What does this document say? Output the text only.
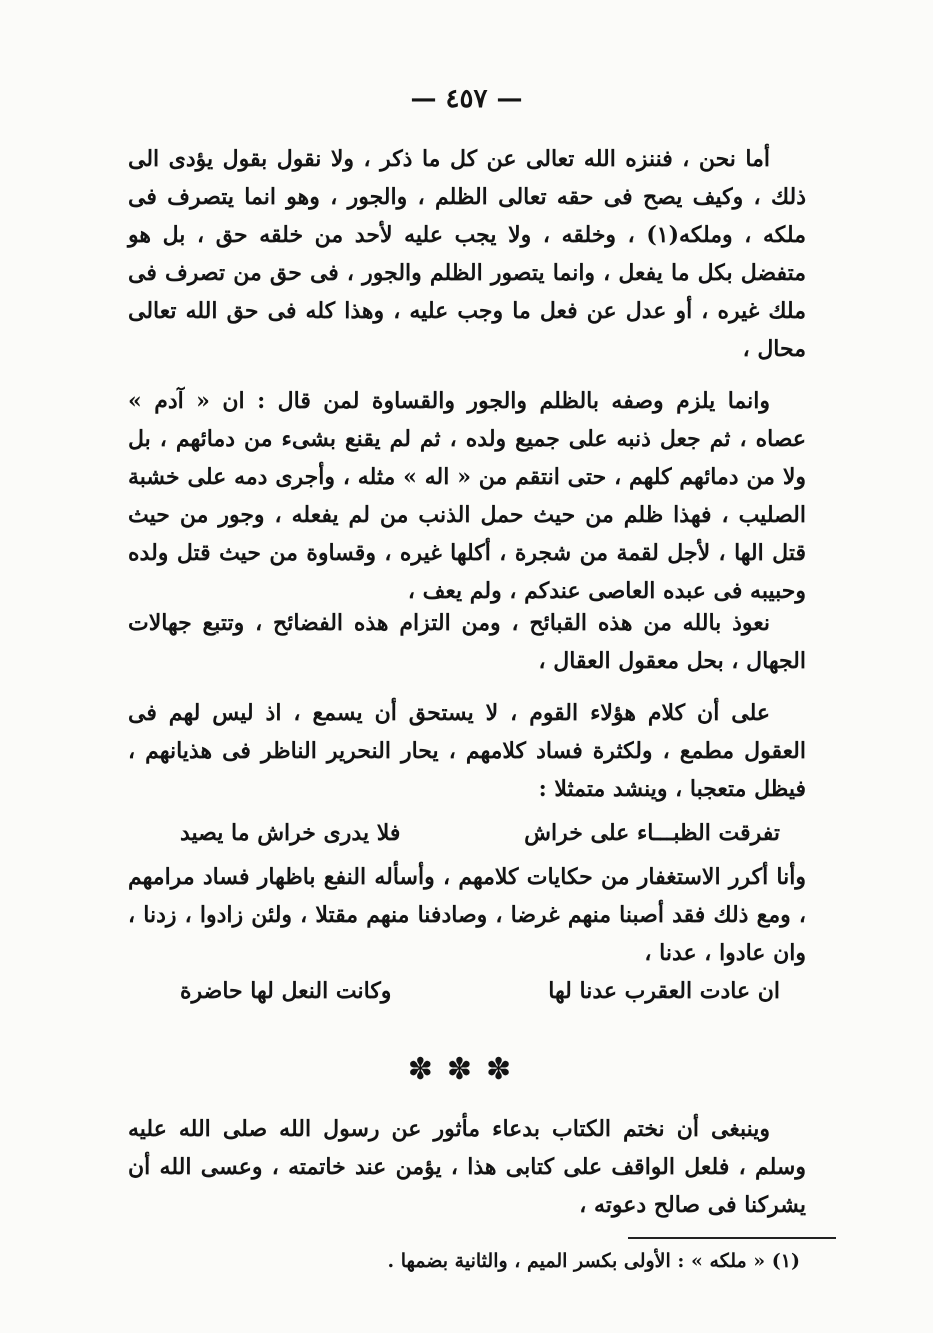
— ٤٥٧ —

أما نحن ، فننزه الله تعالى عن كل ما ذكر ، ولا نقول بقول يؤدى الى ذلك ، وكيف يصح فى حقه تعالى الظلم ، والجور ، وهو انما يتصرف فى ملكه ، وملكه(١) ، وخلقه ، ولا يجب عليه لأحد من خلقه حق ، بل هو متفضل بكل ما يفعل ، وانما يتصور الظلم والجور ، فى حق من تصرف فى ملك غيره ، أو عدل عن فعل ما وجب عليه ، وهذا كله فى حق الله تعالى محال ،

وانما يلزم وصفه بالظلم والجور والقساوة لمن قال : ان « آدم » عصاه ، ثم جعل ذنبه على جميع ولده ، ثم لم يقنع بشىء من دمائهم ، بل ولا من دمائهم كلهم ، حتى انتقم من « اله » مثله ، وأجرى دمه على خشبة الصليب ، فهذا ظلم من حيث حمل الذنب من لم يفعله ، وجور من حيث قتل الها ، لأجل لقمة من شجرة ، أكلها غيره ، وقساوة من حيث قتل ولده وحبيبه فى عبده العاصى عندكم ، ولم يعف ،

نعوذ بالله من هذه القبائح ، ومن التزام هذه الفضائح ، وتتبع جهالات الجهال ، بحل معقول العقال ،

على أن كلام هؤلاء القوم ، لا يستحق أن يسمع ، اذ ليس لهم فى العقول مطمع ، ولكثرة فساد كلامهم ، يحار النحرير الناظر فى هذيانهم ، فيظل متعجبا ، وينشد متمثلا :

تفرقت الظبـــاء على خراش
فلا يدرى خراش ما يصيد

وأنا أكرر الاستغفار من حكايات كلامهم ، وأسأله النفع باظهار فساد مرامهم ، ومع ذلك فقد أصبنا منهم غرضا ، وصادفنا منهم مقتلا ، ولئن زادوا ، زدنا ، وان عادوا ، عدنا ،

ان عادت العقرب عدنا لها
وكانت النعل لها حاضرة
✽✽✽

وينبغى أن نختم الكتاب بدعاء مأثور عن رسول الله صلى الله عليه وسلم ، فلعل الواقف على كتابى هذا ، يؤمن عند خاتمته ، وعسى الله أن يشركنا فى صالح دعوته ،

(١) « ملكه » : الأولى بكسر الميم ، والثانية بضمها .
